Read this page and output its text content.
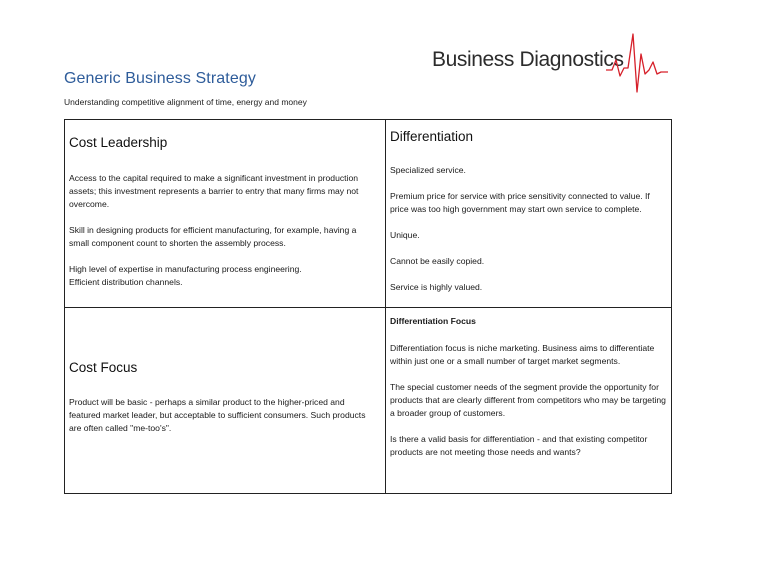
Generic Business Strategy
Understanding competitive alignment of time, energy and money
Business Diagnostics
Cost Leadership

Access to the capital required to make a significant investment in production assets; this investment represents a barrier to entry that many firms may not overcome.

Skill in designing products for efficient manufacturing, for example, having a small component count to shorten the assembly process.

High level of expertise in manufacturing process engineering.

Efficient distribution channels.

Differentiation

Specialized service.

Premium price for service with price sensitivity connected to value. If price was too high government may start own service to complete.

Unique.

Cannot be easily copied.

Service is highly valued.

Cost Focus

Product will be basic - perhaps a similar product to the higher-priced and featured market leader, but acceptable to sufficient consumers. Such products are often called "me-too's".

Differentiation Focus

Differentiation focus is niche marketing. Business aims to differentiate within just one or a small number of target market segments.

The special customer needs of the segment provide the opportunity for products that are clearly different from competitors who may be targeting a broader group of customers.

Is there a valid basis for differentiation - and that existing competitor products are not meeting those needs and wants?
